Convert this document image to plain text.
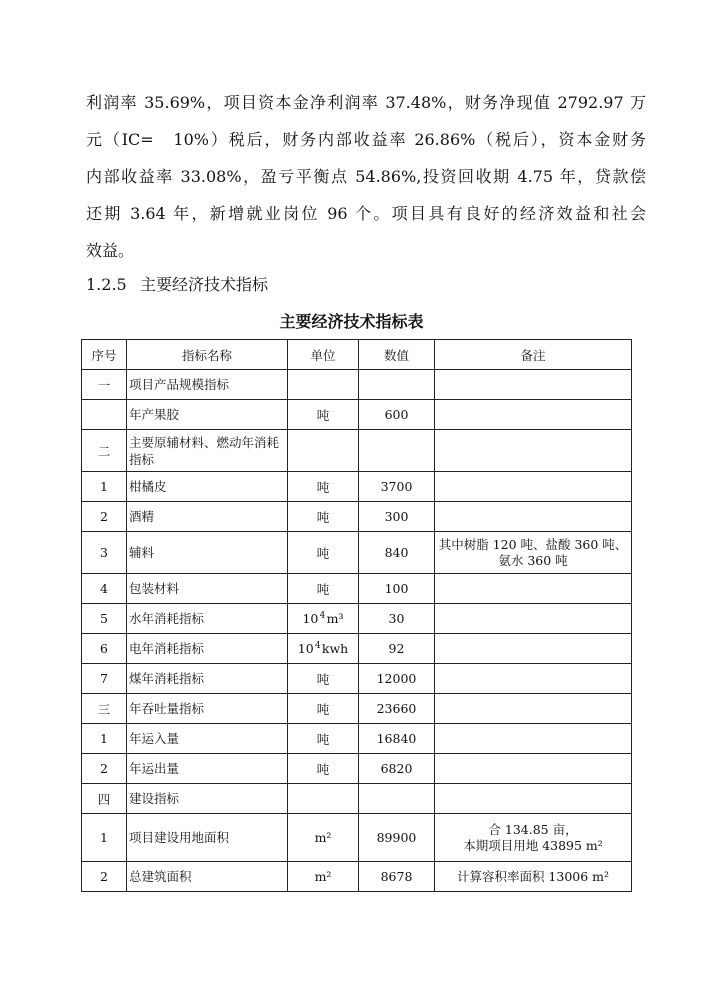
利润率 35.69%，项目资本金净利润率 37.48%，财务净现值 2792.97 万
元（IC=　10%）税后，财务内部收益率 26.86%（税后），资本金财务
内部收益率 33.08%，盈亏平衡点 54.86%,投资回收期 4.75 年，贷款偿
还期 3.64 年，新增就业岗位 96 个。项目具有良好的经济效益和社会
效益。
1.2.5 主要经济技术指标
主要经济技术指标表
序号	指标名称	单位	数值	备注
一	项目产品规模指标			
	年产果胶	吨	600	
二	主要原辅材料、燃动年消耗指标			
1	柑橘皮	吨	3700	
2	酒精	吨	300	
3	辅料	吨	840	其中树脂 120 吨、盐酸 360 吨、氨水 360 吨
4	包装材料	吨	100	
5	水年消耗指标	10 $^4$ m³	30	
6	电年消耗指标	10 $^4$ kwh	92	
7	煤年消耗指标	吨	12000	
三	年吞吐量指标	吨	23660	
1	年运入量	吨	16840	
2	年运出量	吨	6820	
四	建设指标			
1	项目建设用地面积	m²	89900	合 134.85 亩，
本期项目用地 43895 m²

2	总建筑面积	m²	8678	计算容积率面积 13006 m²
